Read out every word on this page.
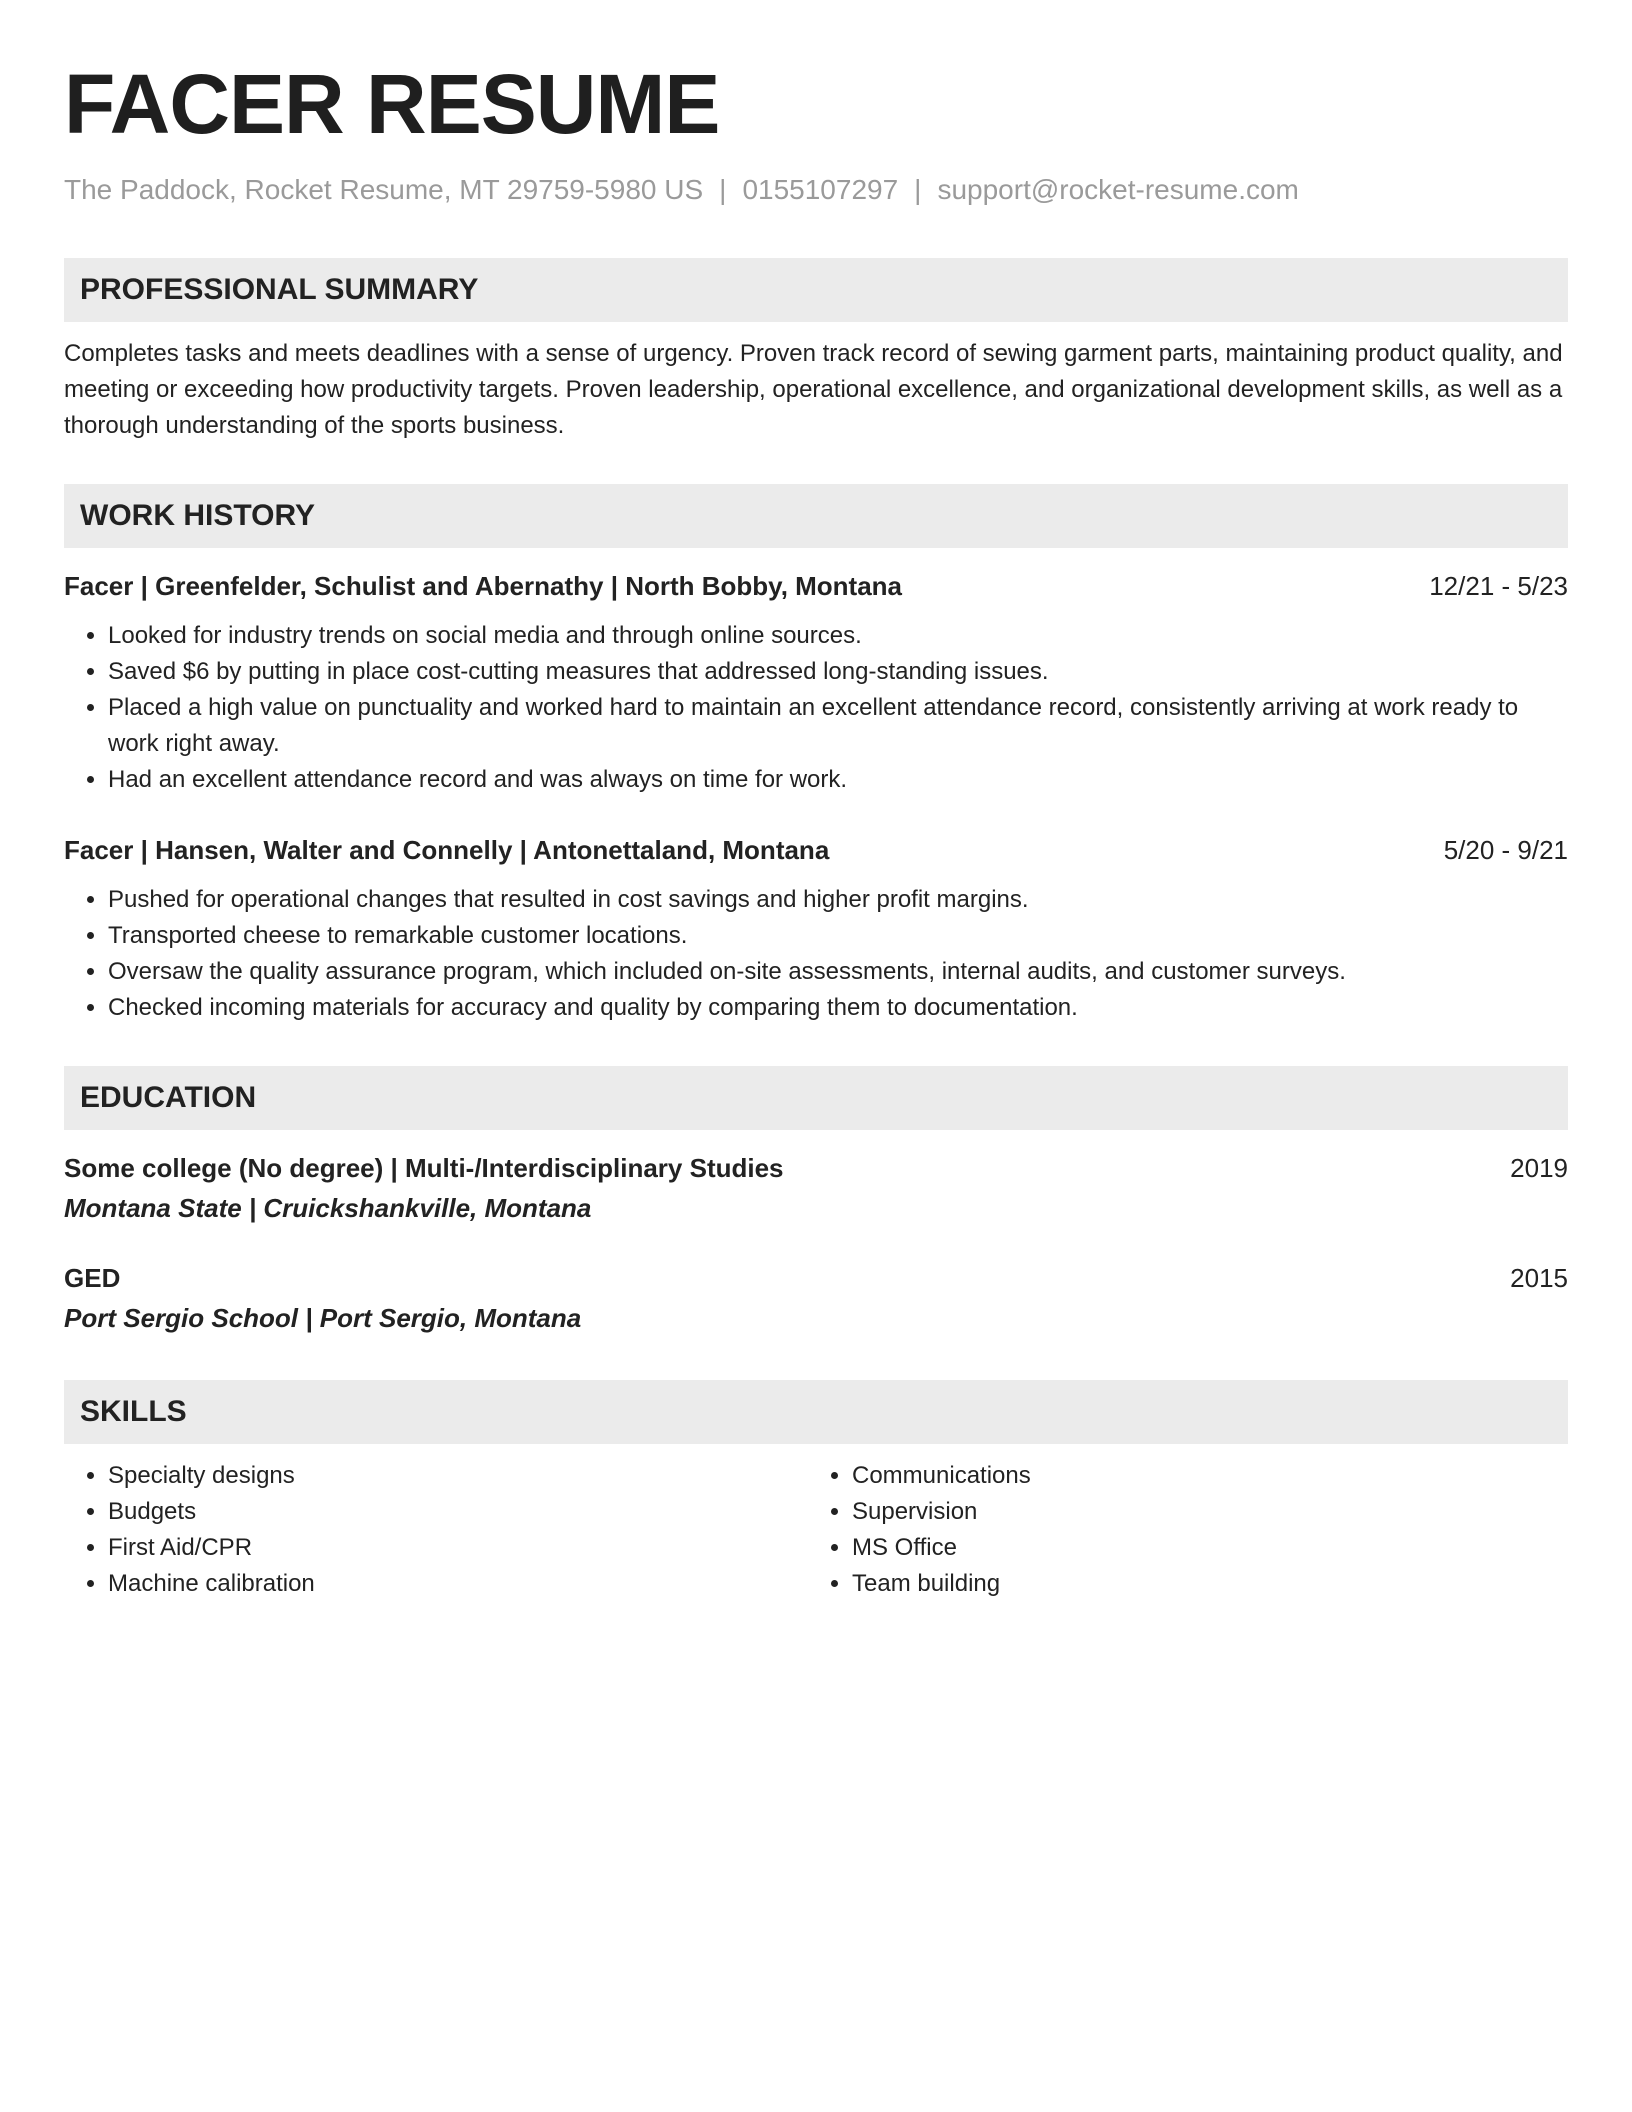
FACER RESUME
The Paddock, Rocket Resume, MT 29759-5980 US | 0155107297 | support@rocket-resume.com
PROFESSIONAL SUMMARY
Completes tasks and meets deadlines with a sense of urgency. Proven track record of sewing garment parts, maintaining product quality, and meeting or exceeding how productivity targets. Proven leadership, operational excellence, and organizational development skills, as well as a thorough understanding of the sports business.
WORK HISTORY
Facer | Greenfelder, Schulist and Abernathy | North Bobby, Montana	12/21 - 5/23
• Looked for industry trends on social media and through online sources.
• Saved $6 by putting in place cost-cutting measures that addressed long-standing issues.
• Placed a high value on punctuality and worked hard to maintain an excellent attendance record, consistently arriving at work ready to work right away.
• Had an excellent attendance record and was always on time for work.
Facer | Hansen, Walter and Connelly | Antonettaland, Montana	5/20 - 9/21
• Pushed for operational changes that resulted in cost savings and higher profit margins.
• Transported cheese to remarkable customer locations.
• Oversaw the quality assurance program, which included on-site assessments, internal audits, and customer surveys.
• Checked incoming materials for accuracy and quality by comparing them to documentation.
EDUCATION
Some college (No degree) | Multi-/Interdisciplinary Studies	2019
Montana State | Cruickshankville, Montana
GED	2015
Port Sergio School | Port Sergio, Montana
SKILLS
• Specialty designs
• Budgets
• First Aid/CPR
• Machine calibration
• Communications
• Supervision
• MS Office
• Team building
